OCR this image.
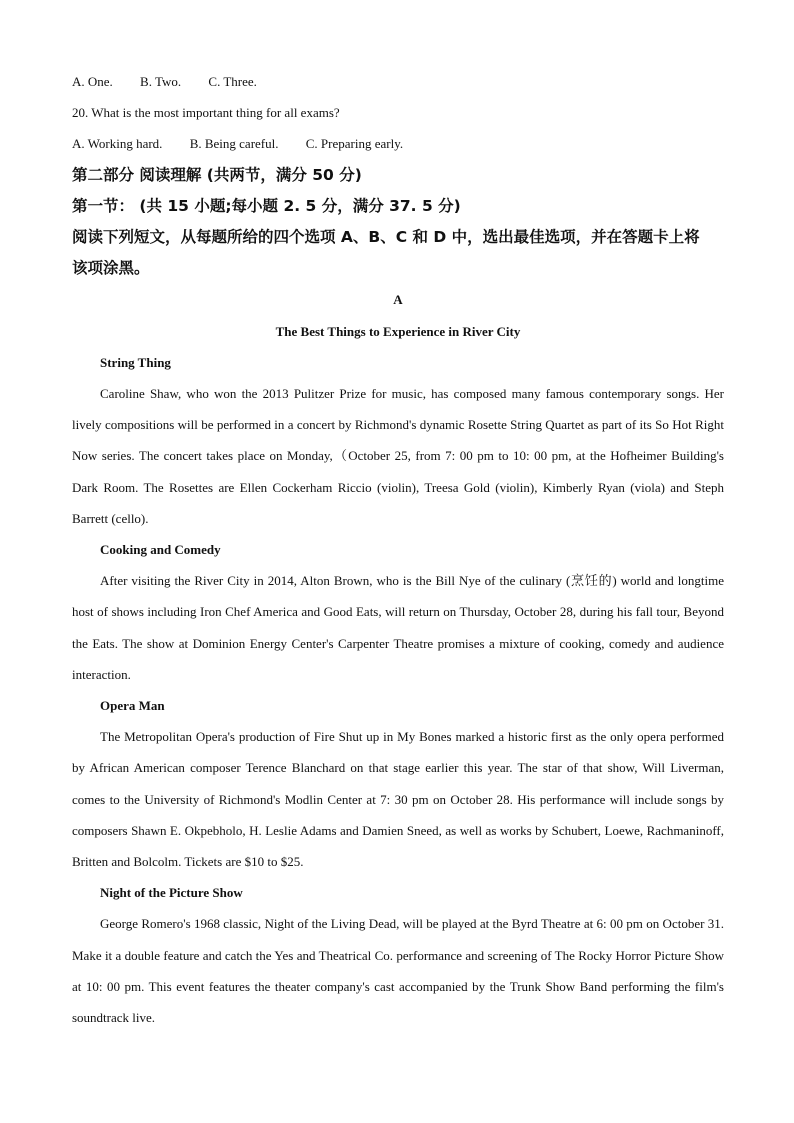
A. One. B. Two. C. Three.
20. What is the most important thing for all exams?
A. Working hard. B. Being careful. C. Preparing early.
第二部分 阅读理解 (共两节，满分 50 分)
第一节： (共 15 小题;每小题 2. 5 分，满分 37. 5 分)
阅读下列短文，从每题所给的四个选项 A、B、C 和 D 中，选出最佳选项，并在答题卡上将
该项涂黑。
A
The Best Things to Experience in River City
String Thing

Caroline Shaw, who won the 2013 Pulitzer Prize for music, has composed many famous contemporary songs. Her lively compositions will be performed in a concert by Richmond's dynamic Rosette String Quartet as part of its So Hot Right Now series. The concert takes place on Monday,（October 25, from 7: 00 pm to 10: 00 pm, at the Hofheimer Building's Dark Room. The Rosettes are Ellen Cockerham Riccio (violin), Treesa Gold (violin), Kimberly Ryan (viola) and Steph Barrett (cello).

Cooking and Comedy

After visiting the River City in 2014, Alton Brown, who is the Bill Nye of the culinary (烹饪的) world and longtime host of shows including Iron Chef America and Good Eats, will return on Thursday, October 28, during his fall tour, Beyond the Eats. The show at Dominion Energy Center's Carpenter Theatre promises a mixture of cooking, comedy and audience interaction.

Opera Man

The Metropolitan Opera's production of Fire Shut up in My Bones marked a historic first as the only opera performed by African American composer Terence Blanchard on that stage earlier this year. The star of that show, Will Liverman, comes to the University of Richmond's Modlin Center at 7: 30 pm on October 28. His performance will include songs by composers Shawn E. Okpebholo, H. Leslie Adams and Damien Sneed, as well as works by Schubert, Loewe, Rachmaninoff, Britten and Bolcolm. Tickets are $10 to $25.

Night of the Picture Show

George Romero's 1968 classic, Night of the Living Dead, will be played at the Byrd Theatre at 6: 00 pm on October 31. Make it a double feature and catch the Yes and Theatrical Co. performance and screening of The Rocky Horror Picture Show at 10: 00 pm. This event features the theater company's cast accompanied by the Trunk Show Band performing the film's soundtrack live.
